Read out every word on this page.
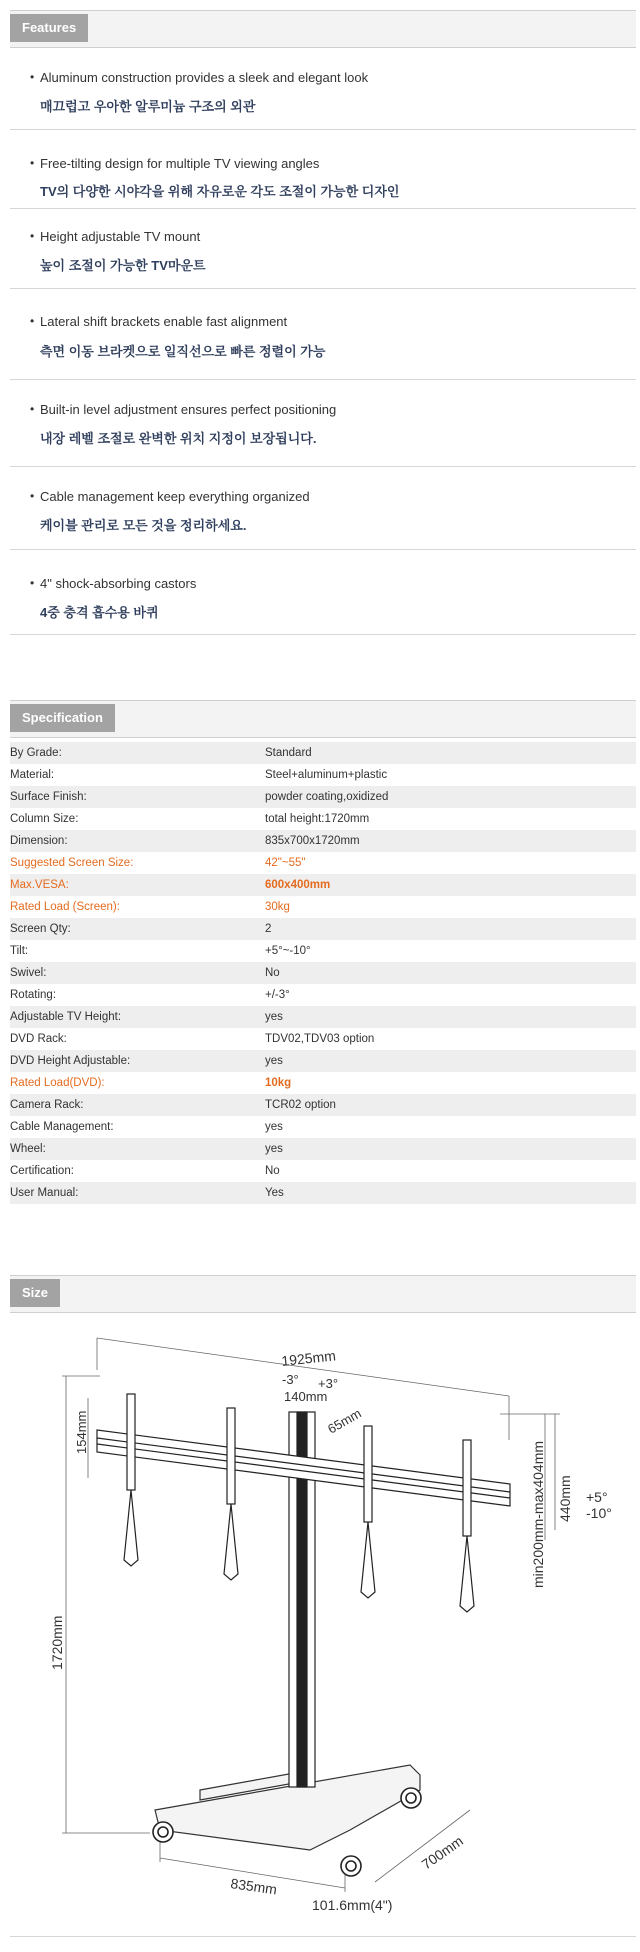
Features
• Aluminum construction provides a sleek and elegant look
매끄럽고 우아한 알루미늄 구조의 외관
• Free-tilting design for multiple TV viewing angles
TV의 다양한 시야각을 위해 자유로운 각도 조절이 가능한 디자인
• Height adjustable TV mount
높이 조절이 가능한 TV마운트
• Lateral shift brackets enable fast alignment
측면 이동 브라켓으로 일직선으로 빠른 정렬이 가능
• Built-in level adjustment ensures perfect positioning
내장 레벨 조절로 완벽한 위치 지정이 보장됩니다.
• Cable management keep everything organized
케이블 관리로 모든 것을 정리하세요.
• 4" shock-absorbing castors
4중 충격 흡수용 바퀴
Specification
By Grade:	Standard
Material:	Steel+aluminum+plastic
Surface Finish:	powder coating,oxidized
Column Size:	total height:1720mm
Dimension:	835x700x1720mm
Suggested Screen Size:	42"~55"
Max.VESA:	600x400mm
Rated Load (Screen):	30kg
Screen Qty:	2
Tilt:	+5°~-10°
Swivel:	No
Rotating:	+/-3°
Adjustable TV Height:	yes
DVD Rack:	TDV02,TDV03 option
DVD Height Adjustable:	yes
Rated Load(DVD):	10kg
Camera Rack:	TCR02 option
Cable Management:	yes
Wheel:	yes
Certification:	No
User Manual:	Yes
Size
1925mm
-3° +3°
140mm
65mm
154mm
1720mm
min200mm-max404mm 440mm +5°
-10°
835mm
700mm
101.6mm(4")
